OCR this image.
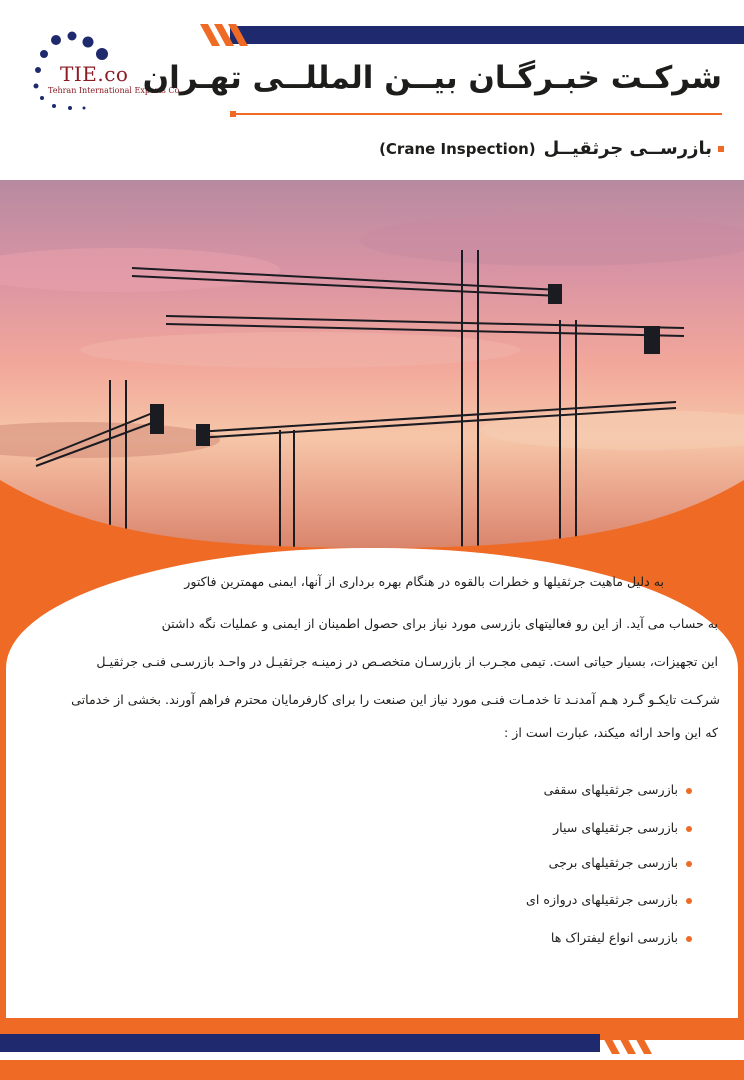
TIE.co
Tehran International Experts Co.
شرکـت خبـرگـان بیــن المللــی تهـران
بازرســی جرثقیــل(Crane Inspection)
به دلیل ماهیت جرثقیلها و خطرات بالقوه در هنگام بهره برداری از آنها، ایمنی مهمترین فاکتور
به حساب می آید. از این رو فعالیتهای بازرسی مورد نیاز برای حصول اطمینان از ایمنی و عملیات نگه داشتن
این تجهیزات، بسیار حیاتی است. تیمی مجـرب از بازرسـان متخصـص در زمینـه جرثقیـل در واحـد بازرسـی فنـی جرثقیـل
شرکـت تایکـو گـرد هـم آمدنـد تا خدمـات فنـی مورد نیاز این صنعت را برای کارفرمایان محترم فراهم آورند. بخشی از خدماتی
که این واحد ارائه میکند، عبارت است از :
بازرسی جرثقیلهای سقفی
بازرسی جرثقیلهای سیار
بازرسی جرثقیلهای برجی
بازرسی جرثقیلهای دروازه ای
بازرسی انواع لیفتراک ها
